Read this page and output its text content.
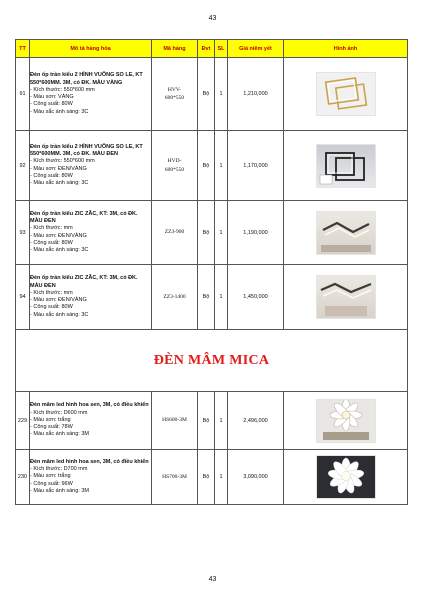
43
TT	Mô tả hàng hóa	Mã hàng	Đvt	SL	Giá niêm yết	Hình ảnh
91	Đèn ốp trần kiểu 2 HÌNH VUÔNG SO LE, KT 550*600MM. 3M, có ĐK. MÀU VÀNG
- Kích thước: 550*600 mm
- Màu sơn: VÀNG
- Công suất: 80W
- Màu sắc ánh sáng: 3C	HVV-
600*550	Bộ	1	1,210,000	

92	Đèn ốp trần kiểu 2 HÌNH VUÔNG SO LE, KT 550*600MM. 3M, có ĐK. MÀU ĐEN
- Kích thước: 550*600 mm
- Màu sơn: ĐEN/VÀNG
- Công suất: 80W
- Màu sắc ánh sáng: 3C	HVD-
600*550	Bộ	1	1,170,000	

93	Đèn ốp trần kiểu ZIC ZĂC, KT: 3M, có ĐK. MÀU ĐEN
- Kích thước: mm
- Màu sơn: ĐEN/VÀNG
- Công suất: 80W
- Màu sắc ánh sáng: 3C	ZZ3-900	Bộ	1	1,190,000	

94	Đèn ốp trần kiểu ZIC ZĂC, KT: 3M, có ĐK. MÀU ĐEN
- Kích thước: mm
- Màu sơn: ĐEN/VÀNG
- Công suất: 80W
- Màu sắc ánh sáng: 3C	ZZ3-1400	Bộ	1	1,450,000	

ĐÈN MÂM MICA						
229	Đèn mâm led hình hoa sen, 3M, có điều khiển
- Kích thước: D600 mm
- Màu sơn: trắng
- Công suất: 78W
- Màu sắc ánh sáng: 3M	HS600-3M	Bộ	1	2,496,000	

230	Đèn mâm led hình hoa sen, 3M, có điều khiển
- Kích thước: D700 mm
- Màu sơn: trắng
- Công suất: 96W
- Màu sắc ánh sáng: 3M	HS700-3M	Bộ	1	3,090,000	
43
